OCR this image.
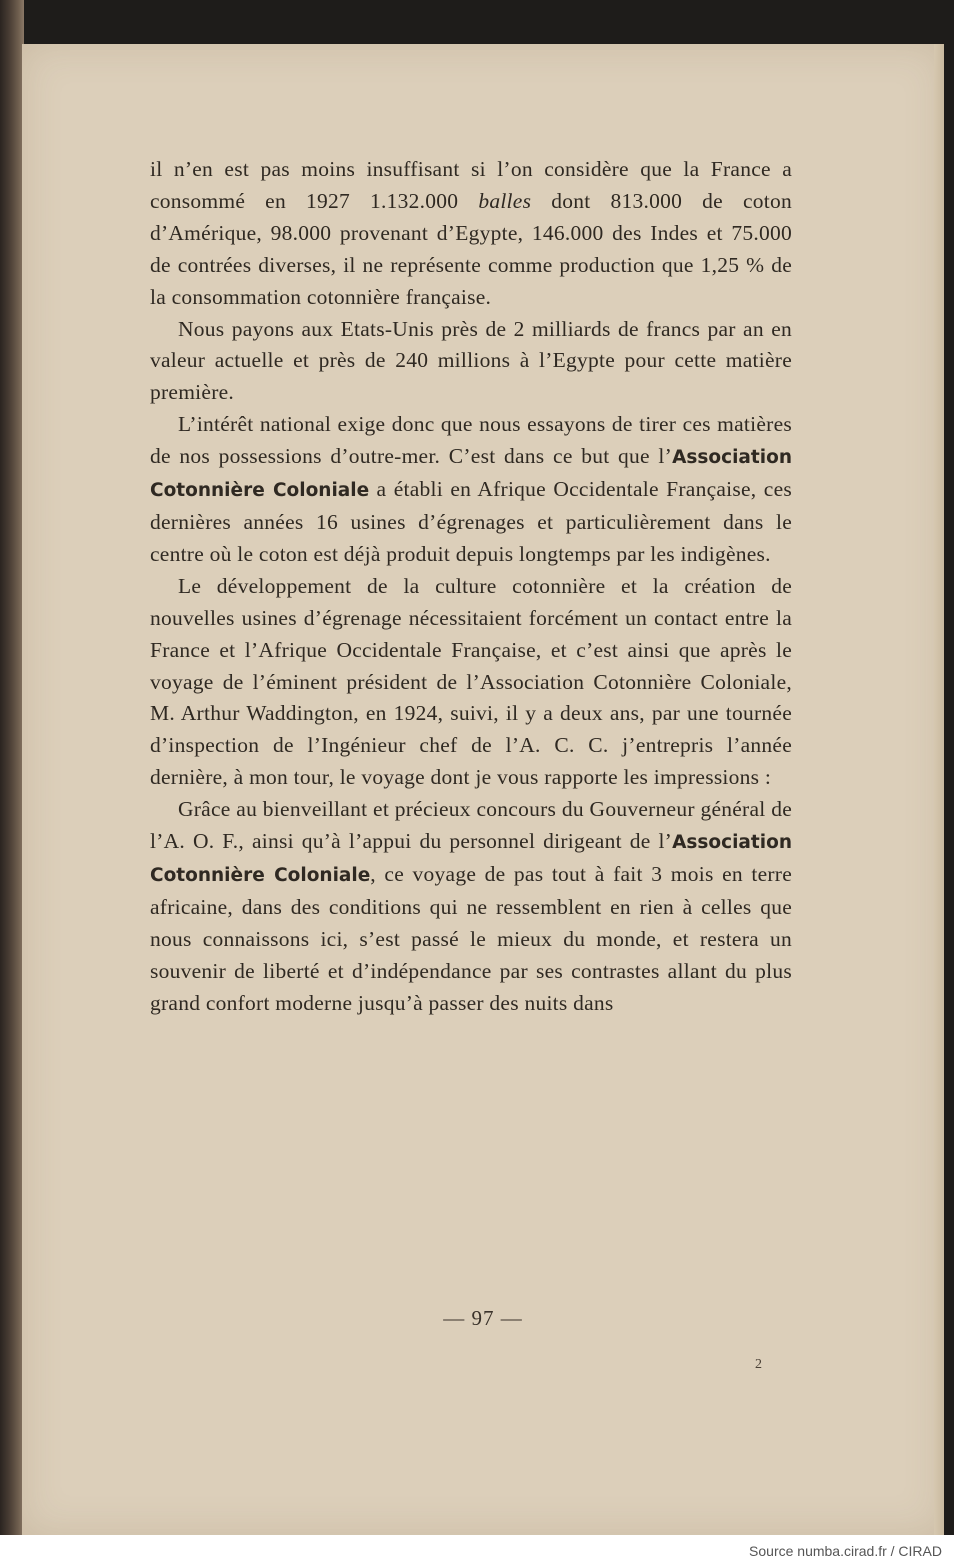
il n’en est pas moins insuffisant si l’on considère que la France a consommé en 1927 1.132.000 balles dont 813.000 de coton d’Amérique, 98.000 provenant d’Egypte, 146.000 des Indes et 75.000 de contrées diverses, il ne représente comme production que 1,25 % de la consommation cotonnière française.

Nous payons aux Etats-Unis près de 2 milliards de francs par an en valeur actuelle et près de 240 millions à l’Egypte pour cette matière première.

L’intérêt national exige donc que nous essayons de tirer ces matières de nos possessions d’outre-mer. C’est dans ce but que l’Association Cotonnière Coloniale a établi en Afrique Occidentale Française, ces dernières années 16 usines d’égrenages et particulièrement dans le centre où le coton est déjà produit depuis longtemps par les indigènes.

Le développement de la culture cotonnière et la création de nouvelles usines d’égrenage nécessitaient forcément un contact entre la France et l’Afrique Occidentale Française, et c’est ainsi que après le voyage de l’éminent président de l’Association Cotonnière Coloniale, M. Arthur Waddington, en 1924, suivi, il y a deux ans, par une tournée d’inspection de l’Ingénieur chef de l’A. C. C. j’entrepris l’année dernière, à mon tour, le voyage dont je vous rapporte les impressions :

Grâce au bienveillant et précieux concours du Gouverneur général de l’A. O. F., ainsi qu’à l’appui du personnel dirigeant de l’Association Cotonnière Coloniale, ce voyage de pas tout à fait 3 mois en terre africaine, dans des conditions qui ne ressemblent en rien à celles que nous connaissons ici, s’est passé le mieux du monde, et restera un souvenir de liberté et d’indépendance par ses contrastes allant du plus grand confort moderne jusqu’à passer des nuits dans

— 97 —
2
Source numba.cirad.fr / CIRAD
